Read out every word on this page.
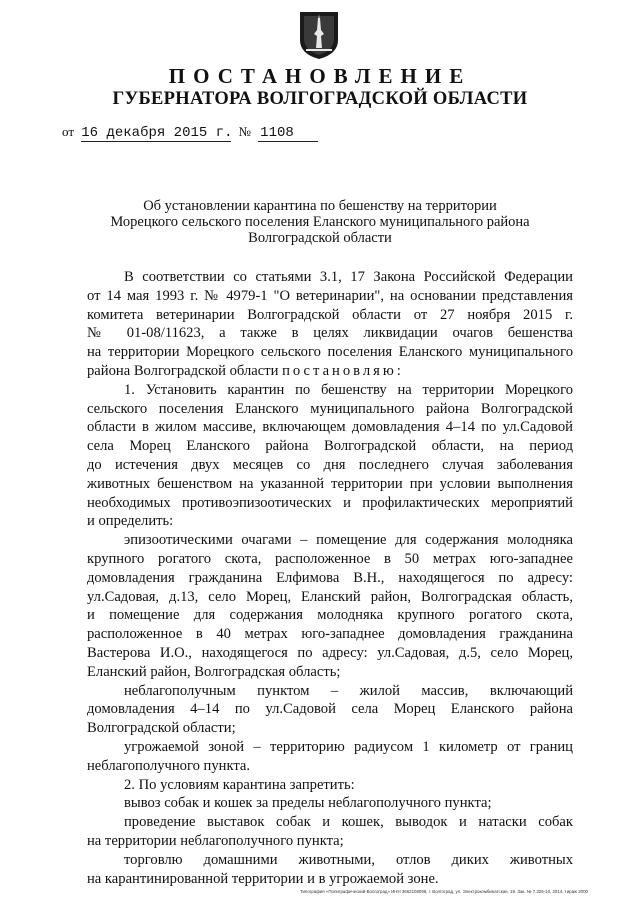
ПОСТАНОВЛЕНИЕ
ГУБЕРНАТОРА ВОЛГОГРАДСКОЙ ОБЛАСТИ
от 16 декабря 2015 г. № 1108
Об установлении карантина по бешенству на территории
Морецкого сельского поселения Еланского муниципального района
Волгоградской области
В соответствии со статьями 3.1, 17 Закона Российской Федерации
от 14 мая 1993 г. № 4979-1 "О ветеринарии", на основании представления
комитета ветеринарии Волгоградской области от 27 ноября 2015 г.
№ 01-08/11623, а также в целях ликвидации очагов бешенства
на территории Морецкого сельского поселения Еланского муниципального
района Волгоградской области постановляю:
1. Установить карантин по бешенству на территории Морецкого
сельского поселения Еланского муниципального района Волгоградской
области в жилом массиве, включающем домовладения 4–14 по ул.Садовой
села Морец Еланского района Волгоградской области, на период
до истечения двух месяцев со дня последнего случая заболевания
животных бешенством на указанной территории при условии выполнения
необходимых противоэпизоотических и профилактических мероприятий
и определить:
эпизоотическими очагами – помещение для содержания молодняка
крупного рогатого скота, расположенное в 50 метрах юго-западнее
домовладения гражданина Елфимова В.Н., находящегося по адресу:
ул.Садовая, д.13, село Морец, Еланский район, Волгоградская область,
и помещение для содержания молодняка крупного рогатого скота,
расположенное в 40 метрах юго-западнее домовладения гражданина
Вастерова И.О., находящегося по адресу: ул.Садовая, д.5, село Морец,
Еланский район, Волгоградская область;
неблагополучным пунктом – жилой массив, включающий
домовладения 4–14 по ул.Садовой села Морец Еланского района
Волгоградской области;
угрожаемой зоной – территорию радиусом 1 километр от границ
неблагополучного пункта.
2. По условиям карантина запретить:
вывоз собак и кошек за пределы неблагополучного пункта;
проведение выставок собак и кошек, выводок и натаски собак
на территории неблагополучного пункта;
торговлю домашними животными, отлов диких животных
на карантинированной территории и в угрожаемой зоне.
Типография «Полиграфический-Волгоград» ИНН 3662108098, г. Волгоград, ул. Электрокомбинатская, 19. Зак. № 7.326-10, 2014, тираж 2000
